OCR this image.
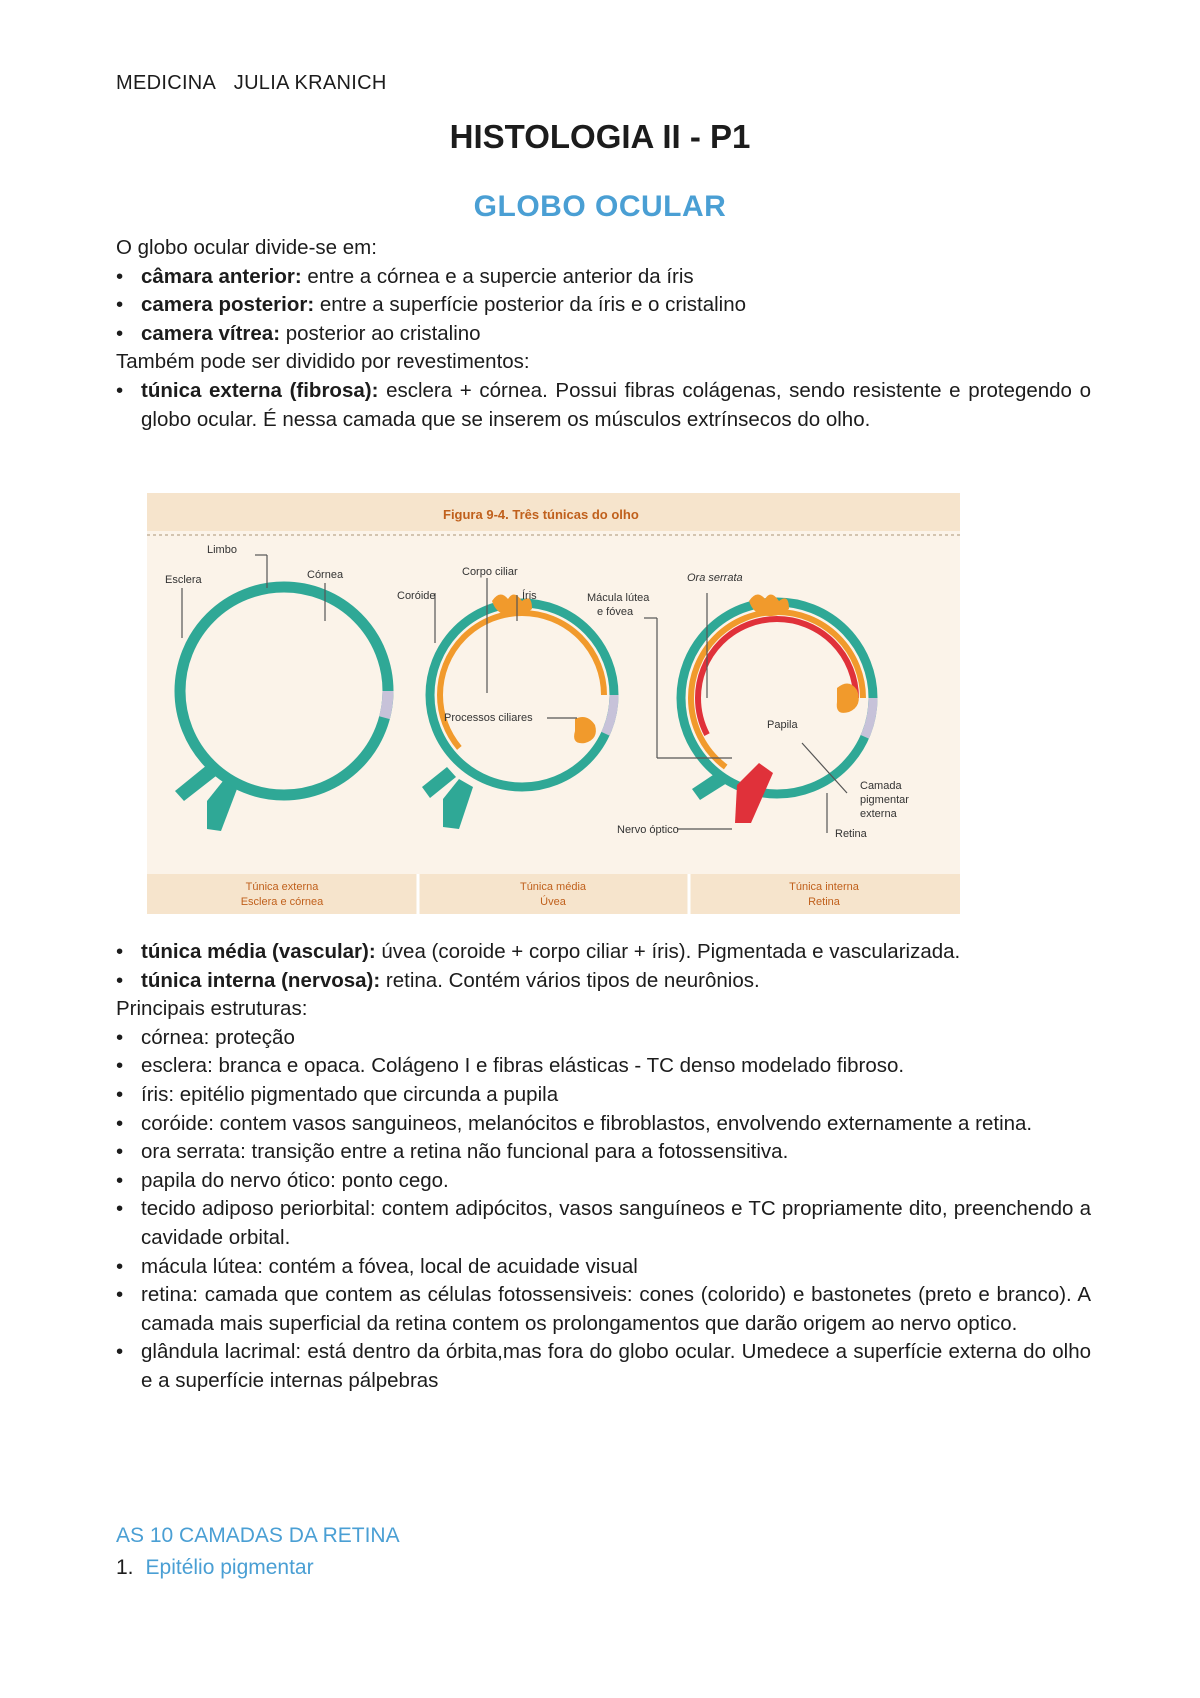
MEDICINA JULIA KRANICH
HISTOLOGIA II - P1
GLOBO OCULAR

O globo ocular divide-se em:

• câmara anterior: entre a córnea e a supercie anterior da íris
• camera posterior: entre a superfície posterior da íris e o cristalino
• camera vítrea: posterior ao cristalino

Também pode ser dividido por revestimentos:

• túnica externa (fibrosa): esclera + córnea. Possui fibras colágenas, sendo resistente e protegendo o globo ocular. É nessa camada que se inserem os músculos extrínsecos do olho.
Figura 9-4. Três túnicas do olho
Limbo
Esclera	Córnea	Corpo ciliar
Coróide	Íris
Processos ciliares
Ora serrata
Mácula lútea
e fóvea
Papila
Camada
pigmentar
externa
Retina
Nervo óptico
Túnica externa
Esclera e córnea
Túnica média
Úvea
Túnica interna
Retina
• túnica média (vascular): úvea (coroide + corpo ciliar + íris). Pigmentada e vascularizada.
• túnica interna (nervosa): retina. Contém vários tipos de neurônios.

Principais estruturas:

• córnea: proteção
• esclera: branca e opaca. Colágeno I e fibras elásticas - TC denso modelado fibroso.
• íris: epitélio pigmentado que circunda a pupila
• coróide: contem vasos sanguineos, melanócitos e fibroblastos, envolvendo externamente a retina.
• ora serrata: transição entre a retina não funcional para a fotossensitiva.
• papila do nervo ótico: ponto cego.
• tecido adiposo periorbital: contem adipócitos, vasos sanguíneos e TC propriamente dito, preenchendo a cavidade orbital.
• mácula lútea: contém a fóvea, local de acuidade visual
• retina: camada que contem as células fotossensiveis: cones (colorido) e bastonetes (preto e branco). A camada mais superficial da retina contem os prolongamentos que darão origem ao nervo optico.
• glândula lacrimal: está dentro da órbita,mas fora do globo ocular. Umedece a superfície externa do olho e a superfície internas pálpebras
AS 10 CAMADAS DA RETINA
1. Epitélio pigmentar
